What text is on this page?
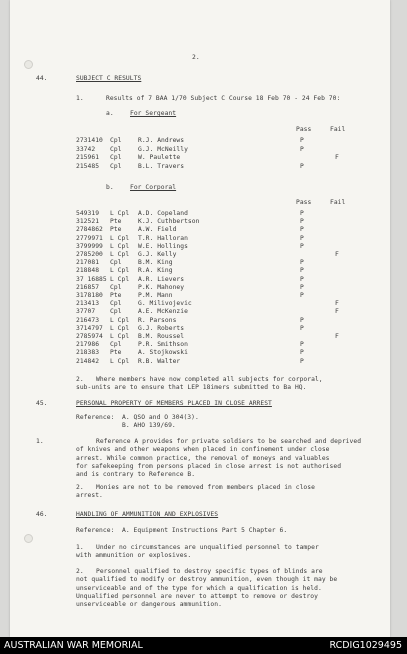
2.
44.	SUBJECT C RESULTS
1.	Results of 7 BAA 1/70 Subject C Course 18 Feb 70 - 24 Feb 70:
a.	For Sergeant
Pass	Fail
2731410 Cpl	R.J. Andrews	P
33742 Cpl	G.J. McNeilly	P
215961 Cpl	W. Paulette	F
215485 Cpl	B.L. Travers	P
b.	For Corporal
Pass	Fail
549319 L Cpl A.D. Copeland	P
312521 Pte	K.J. Cuthbertson	P
2784862 Pte	A.W. Field	P
2779971 L Cpl T.R. Halloran	P
3799999 L Cpl W.E. Hollings	P
2785200 L Cpl G.J. Kelly	F
217081 Cpl	B.M. King	P
218848 L Cpl R.A. King	P
37 16885 L Cpl A.R. Lievers	P
216857 Cpl	P.K. Mahoney	P
3178180 Pte	P.M. Mann	P
213413 Cpl	G. Milivojevic	F
37707 Cpl	A.E. McKenzie	F
216473 L Cpl R. Parsons	P
3714797 L Cpl G.J. Roberts	P
2785974 L Cpl B.M. Roussel	F
217986 Cpl	P.R. Smithson	P
218383 Pte	A. Stojkowski	P
214842 L Cpl R.B. Walter	P
2. Where members have now completed all subjects for corporal,
sub-units are to ensure that LEP 18imers submitted to Ba HQ.
45.	PERSONAL PROPERTY OF MEMBERS PLACED IN CLOSE ARREST
Reference: A. QSO and O 304(3).
B. AHO 139/69.
1.	Reference A provides for private soldiers to be searched and deprived
of knives and other weapons when placed in confinement under close
arrest. While common practice, the removal of moneys and valuables
for safekeeping from persons placed in close arrest is not authorised
and is contrary to Reference B.
2. Monies are not to be removed from members placed in close
arrest.
46.	HANDLING OF AMMUNITION AND EXPLOSIVES
Reference: A. Equipment Instructions Part 5 Chapter 6.
1. Under no circumstances are unqualified personnel to tamper
with ammunition or explosives.
2. Personnel qualified to destroy specific types of blinds are
not qualified to modify or destroy ammunition, even though it may be
unserviceable and of the type for which a qualification is held.
Unqualified personnel are never to attempt to remove or destroy
unserviceable or dangerous ammunition.
AUSTRALIAN WAR MEMORIAL	RCDIG1029495
